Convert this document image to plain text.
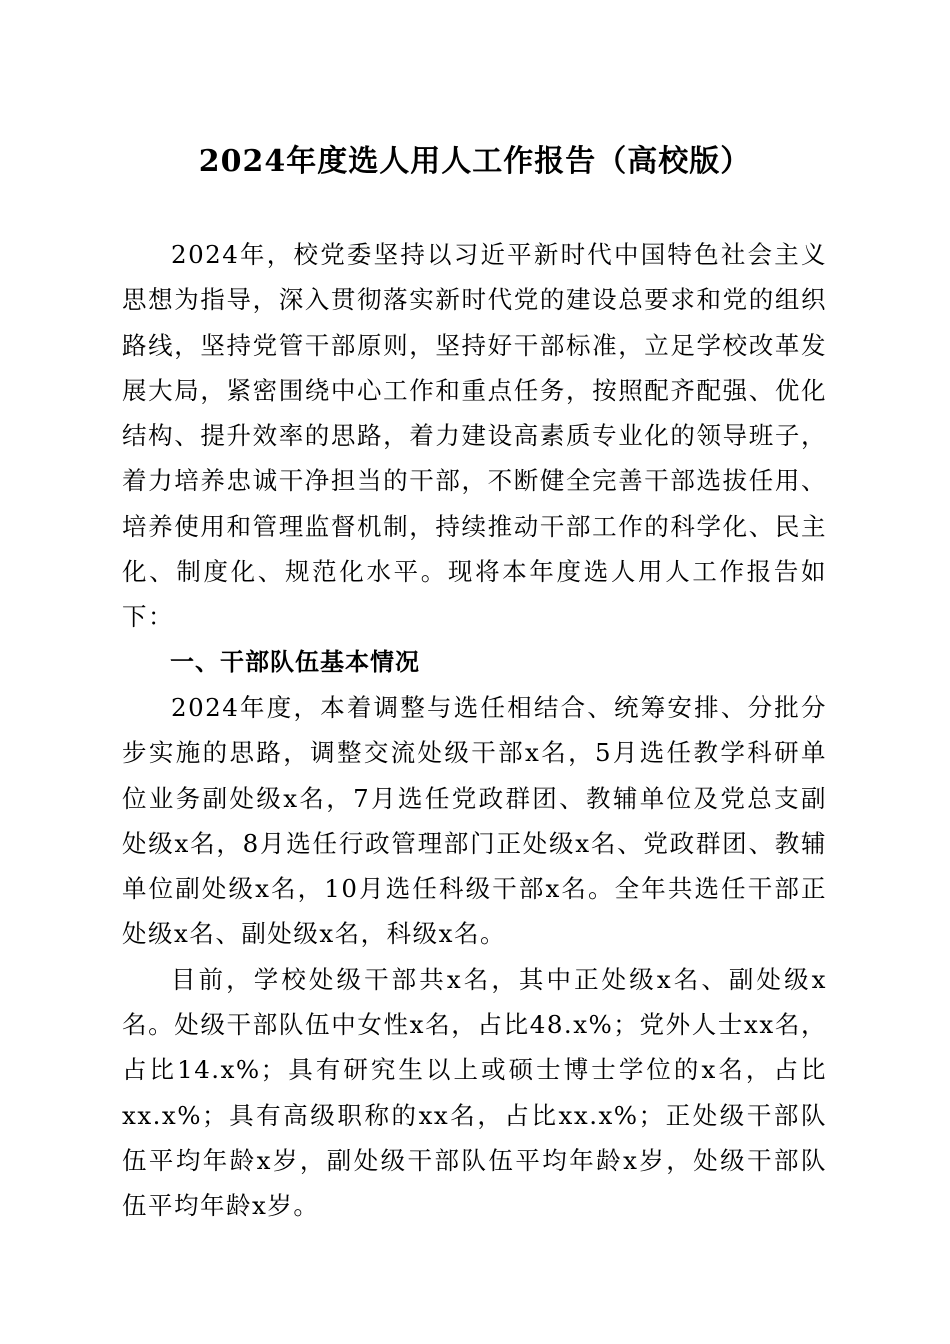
2024年度选人用人工作报告（高校版）

2024年，校党委坚持以习近平新时代中国特色社会主义思想为指导，深入贯彻落实新时代党的建设总要求和党的组织路线，坚持党管干部原则，坚持好干部标准，立足学校改革发展大局，紧密围绕中心工作和重点任务，按照配齐配强、优化结构、提升效率的思路，着力建设高素质专业化的领导班子，着力培养忠诚干净担当的干部，不断健全完善干部选拔任用、培养使用和管理监督机制，持续推动干部工作的科学化、民主化、制度化、规范化水平。现将本年度选人用人工作报告如下：

一、干部队伍基本情况

2024年度，本着调整与选任相结合、统筹安排、分批分步实施的思路，调整交流处级干部x名，5月选任教学科研单位业务副处级x名，7月选任党政群团、教辅单位及党总支副处级x名，8月选任行政管理部门正处级x名、党政群团、教辅单位副处级x名，10月选任科级干部x名。全年共选任干部正处级x名、副处级x名，科级x名。

目前，学校处级干部共x名，其中正处级x名、副处级x名。处级干部队伍中女性x名，占比48.x%；党外人士xx名，占比14.x%；具有研究生以上或硕士博士学位的x名，占比xx.x%；具有高级职称的xx名，占比xx.x%；正处级干部队伍平均年龄x岁，副处级干部队伍平均年龄x岁，处级干部队伍平均年龄x岁。
